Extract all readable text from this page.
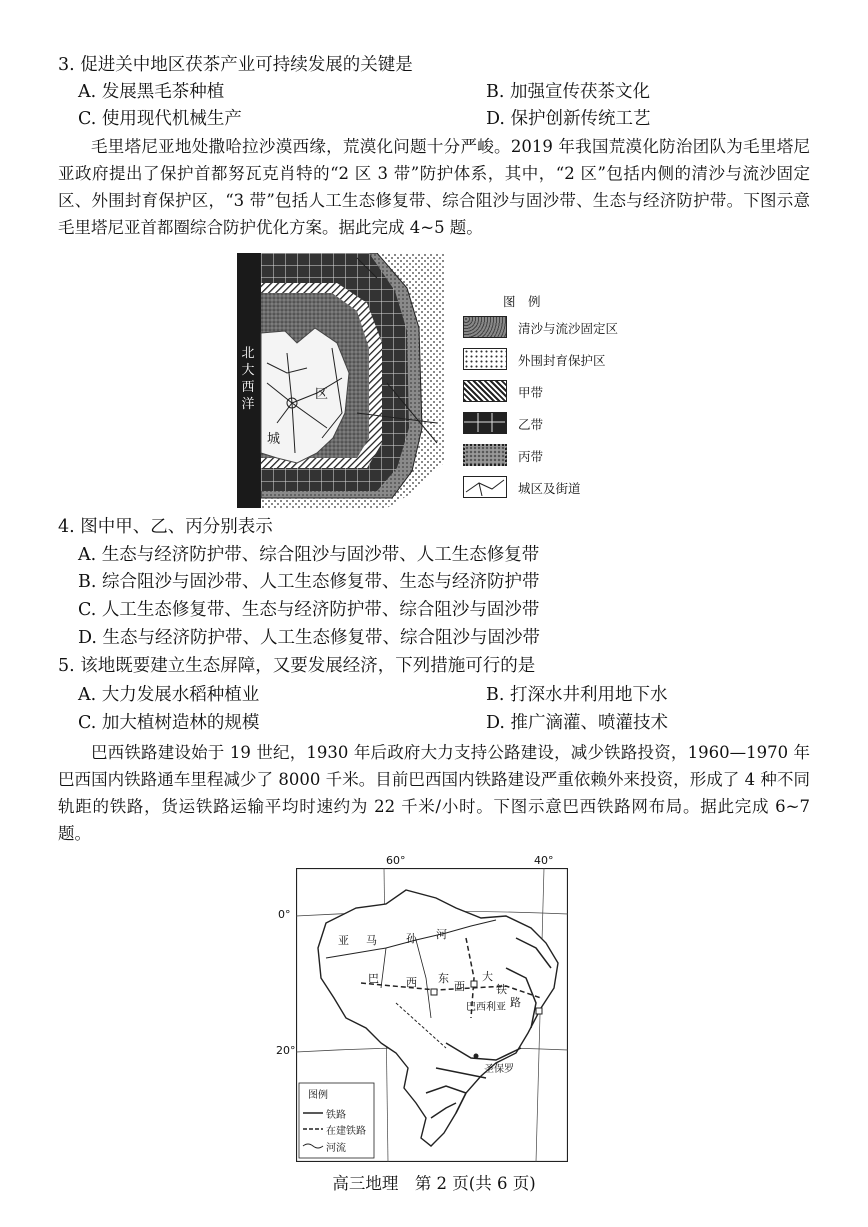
3. 促进关中地区茯茶产业可持续发展的关键是
A. 发展黑毛茶种植	B. 加强宣传茯茶文化
C. 使用现代机械生产	D. 保护创新传统工艺

毛里塔尼亚地处撒哈拉沙漠西缘，荒漠化问题十分严峻。2019 年我国荒漠化防治团队为毛里塔尼亚政府提出了保护首都努瓦克肖特的“2 区 3 带”防护体系，其中，“2 区”包括内侧的清沙与流沙固定区、外围封育保护区，“3 带”包括人工生态修复带、综合阻沙与固沙带、生态与经济防护带。下图示意毛里塔尼亚首都圈综合防护优化方案。据此完成 4~5 题。

北
大
西
洋
区
城
图　例
清沙与流沙固定区
外围封育保护区
甲带
乙带
丙带
城区及街道
4. 图中甲、乙、丙分别表示
A. 生态与经济防护带、综合阻沙与固沙带、人工生态修复带
B. 综合阻沙与固沙带、人工生态修复带、生态与经济防护带
C. 人工生态修复带、生态与经济防护带、综合阻沙与固沙带
D. 生态与经济防护带、人工生态修复带、综合阻沙与固沙带
5. 该地既要建立生态屏障，又要发展经济，下列措施可行的是
A. 大力发展水稻种植业	B. 打深水井利用地下水
C. 加大植树造林的规模	D. 推广滴灌、喷灌技术

巴西铁路建设始于 19 世纪，1930 年后政府大力支持公路建设，减少铁路投资，1960—1970 年巴西国内铁路通车里程减少了 8000 千米。目前巴西国内铁路建设严重依赖外来投资，形成了 4 种不同轨距的铁路，货运铁路运输平均时速约为 22 千米/小时。下图示意巴西铁路网布局。据此完成 6~7 题。

60°	40°
0°
20°
亚 马	孙 河
巴 西 东
西
大
铁
路
巴西利亚
圣保罗
图例
铁路
在建铁路
河流
高三地理　第 2 页(共 6 页)
